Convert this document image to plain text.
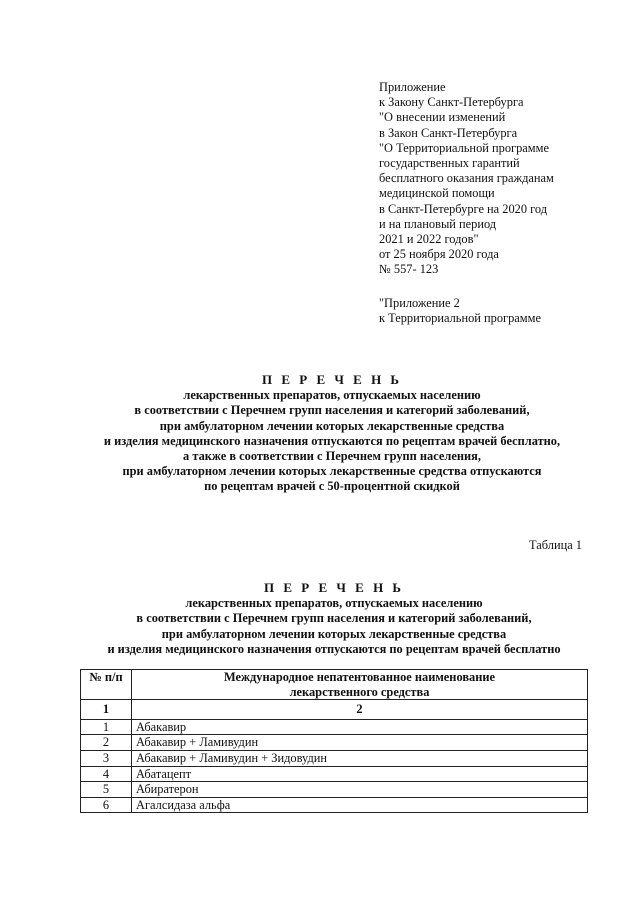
Приложение
к Закону Санкт-Петербурга
"О внесении изменений
в Закон Санкт-Петербурга
"О Территориальной программе
государственных гарантий
бесплатного оказания гражданам
медицинской помощи
в Санкт-Петербурге на 2020 год
и на плановый период
2021 и 2022 годов"
от 25 ноября 2020 года
№ 557- 123
"Приложение 2
к Территориальной программе
П Е Р Е Ч Е Н Ь
лекарственных препаратов, отпускаемых населению
в соответствии с Перечнем групп населения и категорий заболеваний,
при амбулаторном лечении которых лекарственные средства
и изделия медицинского назначения отпускаются по рецептам врачей бесплатно,
а также в соответствии с Перечнем групп населения,
при амбулаторном лечении которых лекарственные средства отпускаются
по рецептам врачей с 50-процентной скидкой
Таблица 1
П Е Р Е Ч Е Н Ь
лекарственных препаратов, отпускаемых населению
в соответствии с Перечнем групп населения и категорий заболеваний,
при амбулаторном лечении которых лекарственные средства
и изделия медицинского назначения отпускаются по рецептам врачей бесплатно
№ п/п	Международное непатентованное наименование
лекарственного средства

1	2
1	Абакавир
2	Абакавир + Ламивудин
3	Абакавир + Ламивудин + Зидовудин
4	Абатацепт
5	Абиратерон
6	Агалсидаза альфа
